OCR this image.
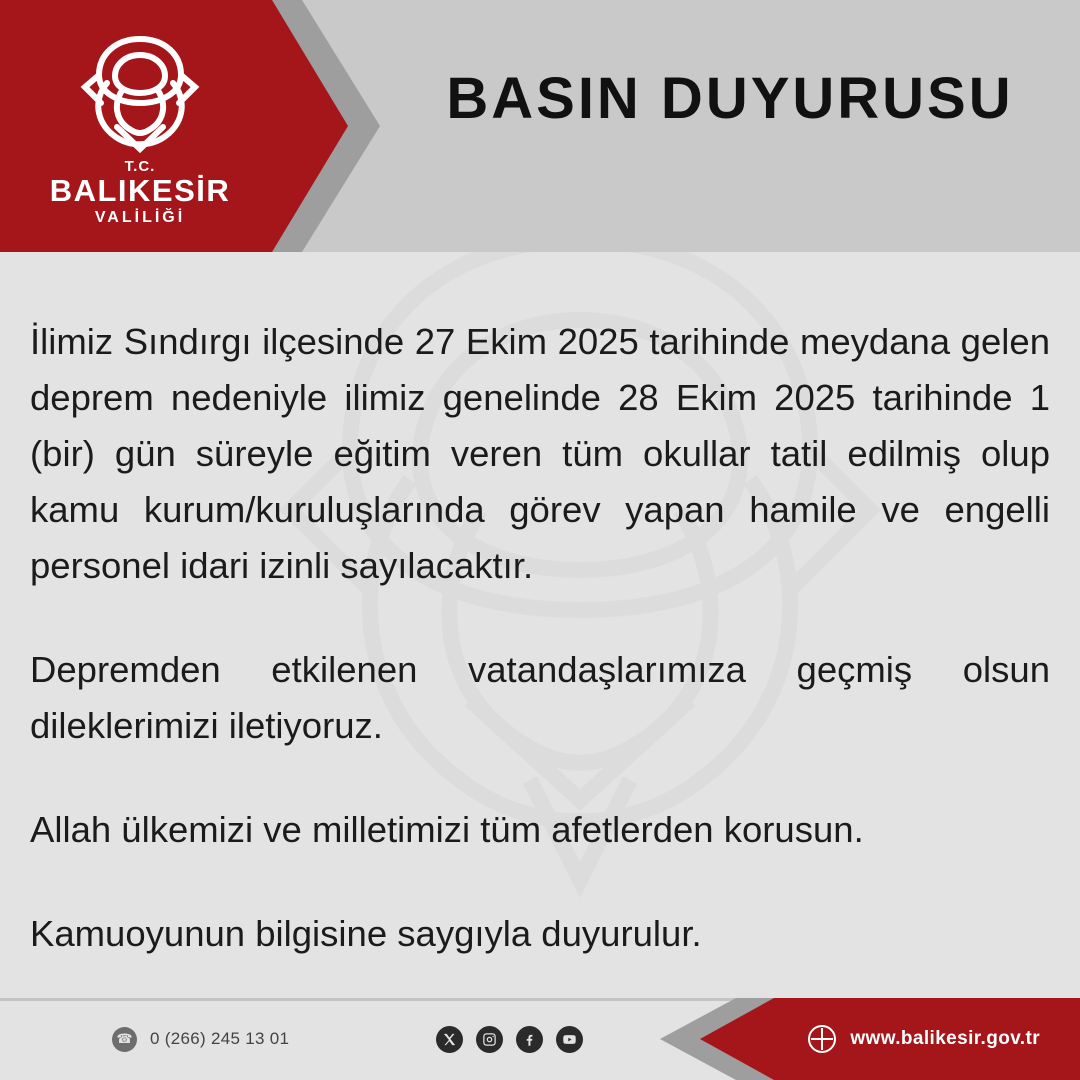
T.C.
BALIKESİR
VALİLİĞİ
BASIN DUYURUSU

İlimiz Sındırgı ilçesinde 27 Ekim 2025 tarihinde meydana gelen deprem nedeniyle ilimiz genelinde 28 Ekim 2025 tarihinde 1 (bir) gün süreyle eğitim veren tüm okullar tatil edilmiş olup kamu kurum/kuruluşlarında görev yapan hamile ve engelli personel idari izinli sayılacaktır.

Depremden etkilenen vatandaşlarımıza geçmiş olsun dileklerimizi iletiyoruz.

Allah ülkemizi ve milletimizi tüm afetlerden korusun.

Kamuoyunun bilgisine saygıyla duyurulur.

☎ 0 (266) 245 13 01	www.balikesir.gov.tr
